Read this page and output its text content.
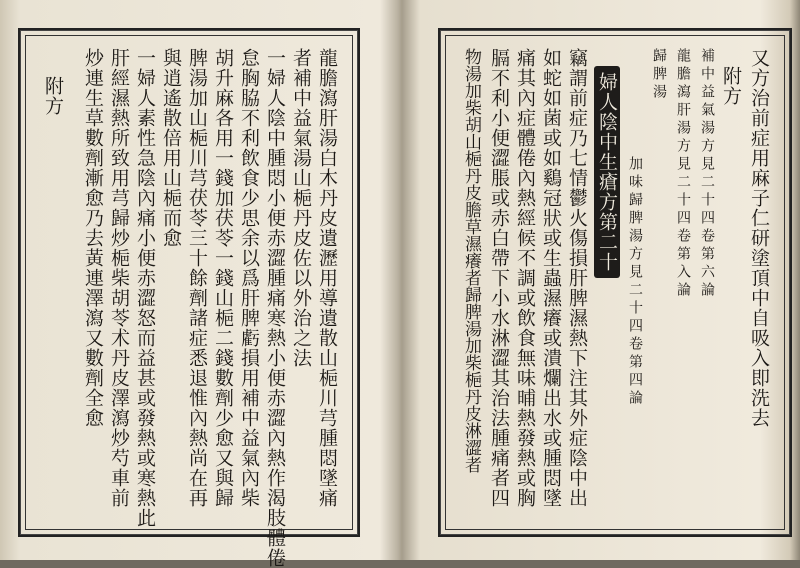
龍膽瀉肝湯白木丹皮遺瀝用導遺散山梔川芎腫悶墜痛
者補中益氣湯山梔丹皮佐以外治之法
一婦人陰中腫悶小便赤澀腫痛寒熱小便赤澀內熱作渴肢體倦
怠胸脇不利飲食少思余以爲肝脾虧損用補中益氣內柴
胡升麻各用一錢加茯苓一錢山梔二錢數劑少愈又與歸
脾湯加山梔川芎茯苓三十餘劑諸症悉退惟內熱尚在再
與逍遙散倍用山梔而愈
一婦人素性急陰內痛小便赤澀怒而益甚或發熱或寒熱此
肝經濕熱所致用芎歸炒梔柴胡苓术丹皮澤瀉炒芍車前
炒連生草數劑漸愈乃去黃連澤瀉又數劑全愈
附方	又方治前症用麻子仁研塗頂中自吸入即洗去
附方
補中益氣湯方見二十四卷第六論
龍膽瀉肝湯方見二十四卷第入論
歸脾湯
加味歸脾湯方見二十四卷第四論
婦人陰中生瘡方第二十
竊謂前症乃七情鬱火傷損肝脾濕熱下注其外症陰中出
如蛇如菌或如鷄冠狀或生蟲濕癢或潰爛出水或腫悶墜
痛其內症體倦內熱經候不調或飲食無味晡熱發熱或胸
膈不利小便澀脹或赤白帶下小水淋澀其治法腫痛者四
物湯加柴胡山梔丹皮膽草濕癢者歸脾湯加柴梔丹皮淋澀者
